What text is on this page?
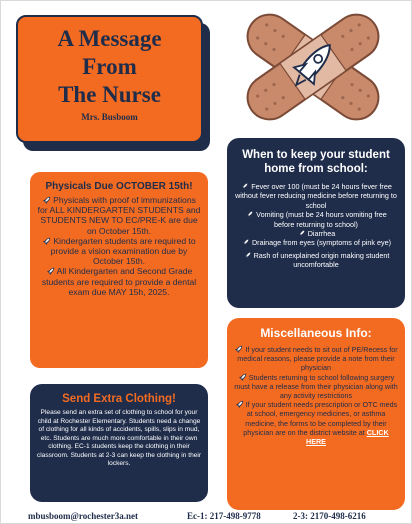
A Message
From
The Nurse
Mrs. Busboom
When to keep your student home from school:
Fever over 100 (must be 24 hours fever free without fever reducing medicine before returning to school
Vomiting (must be 24 hours vomiting free before returning to school)
Diarrhea
Drainage from eyes (symptoms of pink eye)
Rash of unexplained origin making student uncomfortable
Physicals Due OCTOBER 15th!
Physicals with proof of immunizations for ALL KINDERGARTEN STUDENTS and STUDENTS NEW TO EC/PRE-K are due on October 15th.
Kindergarten students are required to provide a vision examination due by October 15th.
All Kindergarten and Second Grade students are required to provide a dental exam due MAY 15h, 2025.
Send Extra Clothing!
Please send an extra set of clothing to school for your child at Rochester Elementary. Students need a change of clothing for all kinds of accidents, spills, slips in mud, etc. Students are much more comfortable in their own clothing. EC-1 students keep the clothing in their classroom. Students at 2-3 can keep the clothing in their lockers.
Miscellaneous Info:
If your student needs to sit out of PE/Recess for medical reasons, please provide a note from their physician
Students returning to school following surgery must have a release from their physician along with any activity restrictions
If your student needs prescription or OTC meds at school, emergency medicines, or asthma medicine, the forms to be completed by their physician are on the district website at CLICK HERE
mbusboom@rochester3a.net	Ec-1: 217-498-9778	2-3: 2170-498-6216
